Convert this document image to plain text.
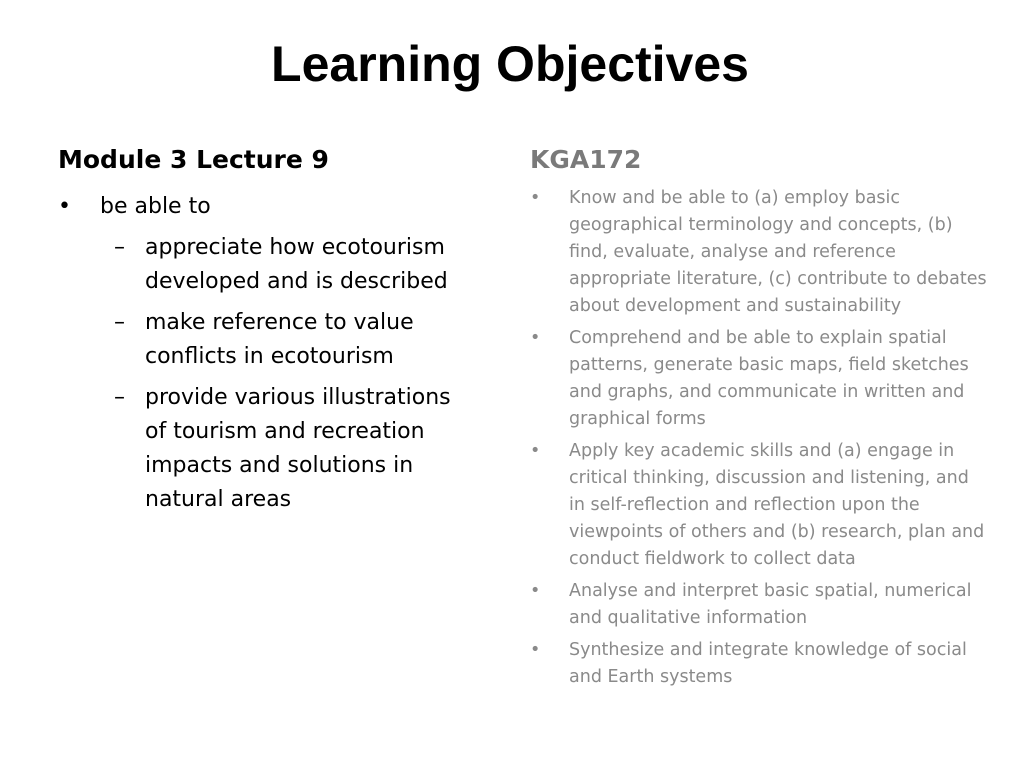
Learning Objectives
Module 3 Lecture 9
•	be able to
– appreciate how ecotourism developed and is described
– make reference to value conflicts in ecotourism
– provide various illustrations of tourism and recreation impacts and solutions in natural areas
KGA172
• Know and be able to (a) employ basic geographical terminology and concepts, (b) find, evaluate, analyse and reference appropriate literature, (c) contribute to debates about development and sustainability
• Comprehend and be able to explain spatial patterns, generate basic maps, field sketches and graphs, and communicate in written and graphical forms
• Apply key academic skills and (a) engage in critical thinking, discussion and listening, and in self-reflection and reflection upon the viewpoints of others and (b) research, plan and conduct fieldwork to collect data
• Analyse and interpret basic spatial, numerical and qualitative information
• Synthesize and integrate knowledge of social and Earth systems
